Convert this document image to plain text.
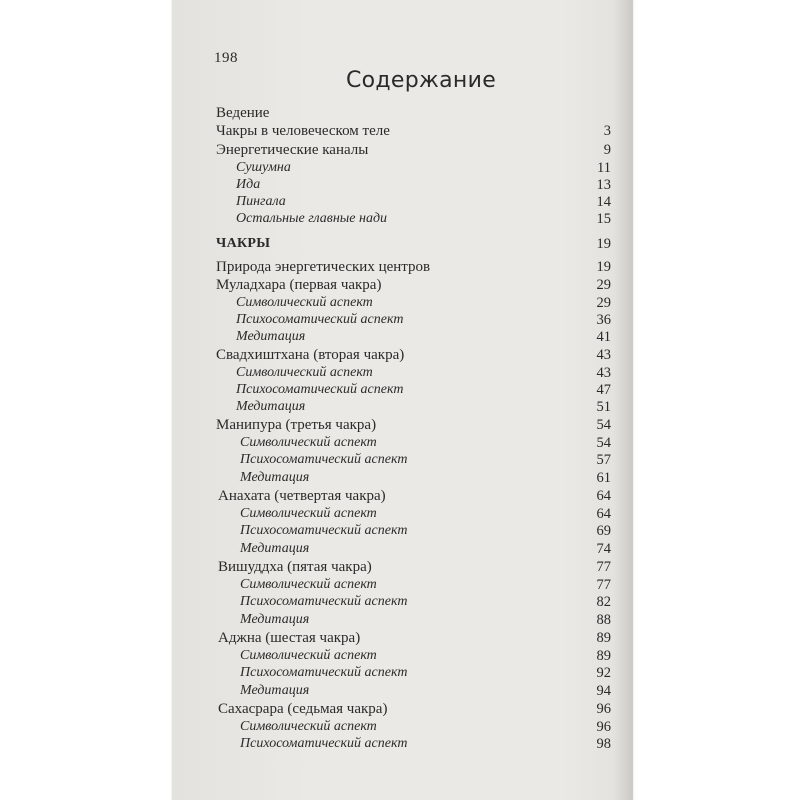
198
Содержание
Ведение
Чакры в человеческом теле	3
Энергетические каналы	9
Сушумна	11
Ида	13
Пингала	14
Остальные главные нади	15
ЧАКРЫ	19
Природа энергетических центров	19
Муладхара (первая чакра)	29
Символический аспект	29
Психосоматический аспект	36
Медитация	41
Свадхиштхана (вторая чакра)	43
Символический аспект	43
Психосоматический аспект	47
Медитация	51
Манипура (третья чакра)	54
Символический аспект	54
Психосоматический аспект	57
Медитация	61
Анахата (четвертая чакра)	64
Символический аспект	64
Психосоматический аспект	69
Медитация	74
Вишуддха (пятая чакра)	77
Символический аспект	77
Психосоматический аспект	82
Медитация	88
Аджна (шестая чакра)	89
Символический аспект	89
Психосоматический аспект	92
Медитация	94
Сахасрара (седьмая чакра)	96
Символический аспект	96
Психосоматический аспект	98
